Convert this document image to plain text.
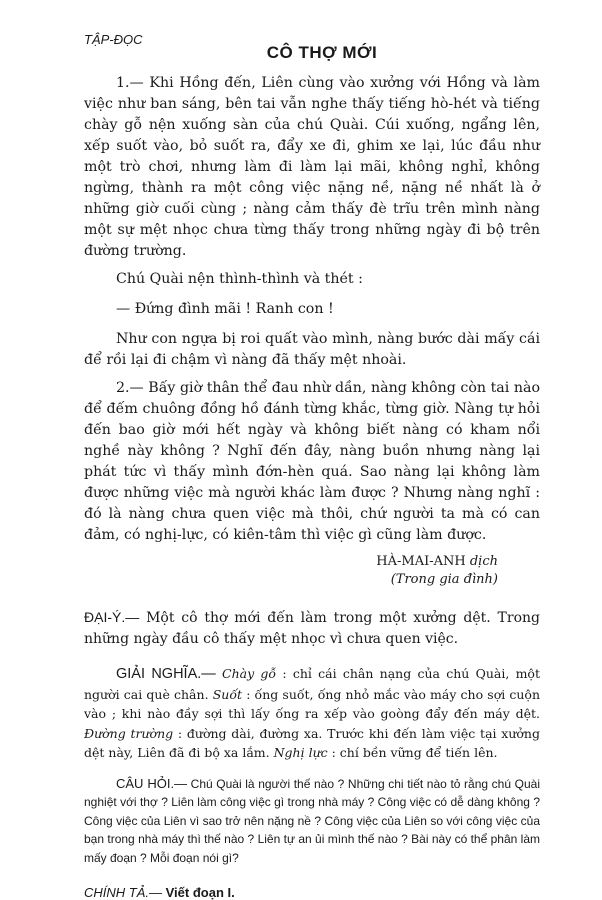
TẬP-ĐỌC

CÔ THỢ MỚI

1.— Khi Hồng đến, Liên cùng vào xưởng với Hồng và làm việc như ban sáng, bên tai vẫn nghe thấy tiếng hò-hét và tiếng chày gỗ nện xuống sàn của chú Quài. Cúi xuống, ngẩng lên, xếp suốt vào, bỏ suốt ra, đẩy xe đi, ghim xe lại, lúc đầu như một trò chơi, nhưng làm đi làm lại mãi, không nghỉ, không ngừng, thành ra một công việc nặng nề, nặng nề nhất là ở những giờ cuối cùng ; nàng cảm thấy đè trĩu trên mình nàng một sự mệt nhọc chưa từng thấy trong những ngày đi bộ trên đường trường.

Chú Quài nện thình-thình và thét :

— Đứng đình mãi ! Ranh con !

Như con ngựa bị roi quất vào mình, nàng bước dài mấy cái để rồi lại đi chậm vì nàng đã thấy mệt nhoài.

2.— Bấy giờ thân thể đau nhừ dần, nàng không còn tai nào để đếm chuông đồng hồ đánh từng khắc, từng giờ. Nàng tự hỏi đến bao giờ mới hết ngày và không biết nàng có kham nổi nghề này không ? Nghĩ đến đây, nàng buồn nhưng nàng lại phát tức vì thấy mình đớn-hèn quá. Sao nàng lại không làm được những việc mà người khác làm được ? Nhưng nàng nghĩ : đó là nàng chưa quen việc mà thôi, chứ người ta mà có can đảm, có nghị-lực, có kiên-tâm thì việc gì cũng làm được.

HÀ-MAI-ANH dịch
(Trong gia đình)

ĐẠI-Ý.— Một cô thợ mới đến làm trong một xưởng dệt. Trong những ngày đầu cô thấy mệt nhọc vì chưa quen việc.

GIẢI NGHĨA.— Chày gỗ : chỉ cái chân nạng của chú Quài, một người cai què chân. Suốt : ống suốt, ống nhỏ mắc vào máy cho sợi cuộn vào ; khi nào đầy sợi thì lấy ống ra xếp vào goòng đẩy đến máy dệt. Đường trường : đường dài, đường xa. Trước khi đến làm việc tại xưởng dệt này, Liên đã đi bộ xa lắm. Nghị lực : chí bền vững để tiến lên.

CÂU HỎI.— Chú Quài là người thế nào ? Những chi tiết nào tỏ rằng chú Quài nghiệt với thợ ? Liên làm công việc gì trong nhà máy ? Công việc có dễ dàng không ? Công việc của Liên vì sao trở nên nặng nề ? Công việc của Liên so với công việc của bạn trong nhà máy thì thế nào ? Liên tự an ủi mình thế nào ? Bài này có thể phân làm mấy đoạn ? Mỗi đoạn nói gì?

CHÍNH TẢ.— Viết đoạn I.
